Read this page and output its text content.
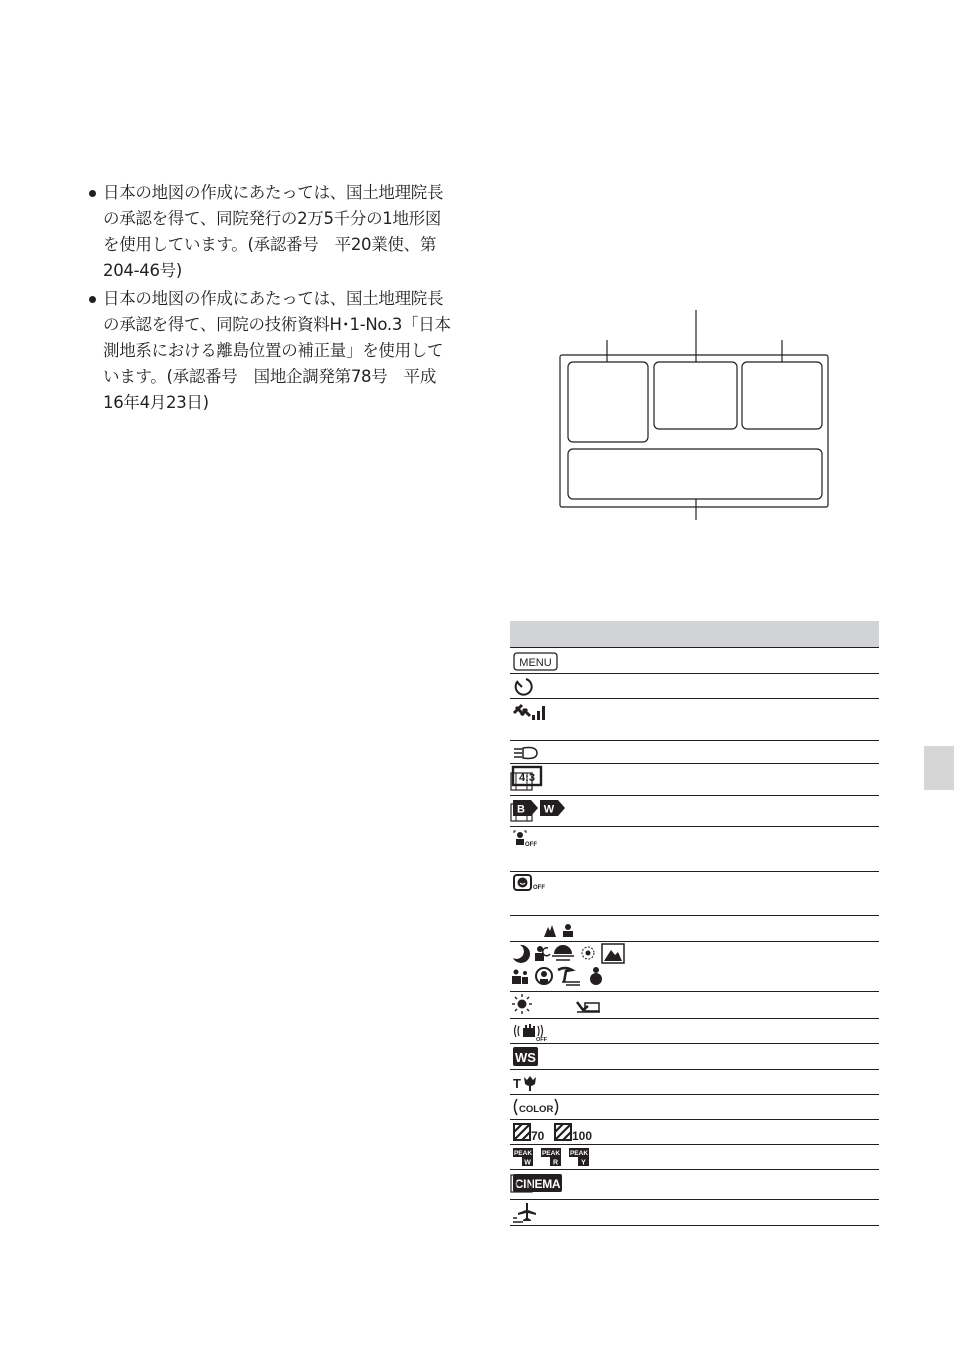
日本の地図の作成にあたっては、国土地理院長
の承認を得て、同院発行の2万5千分の1地形図
を使用しています。(承認番号　平20業使、第
204-46号)
日本の地図の作成にあたっては、国土地理院長
の承認を得て、同院の技術資料H･1-No.3「日本
測地系における離島位置の補正量」を使用して
います。(承認番号　国地企調発第78号　平成
16年4月23日)
MENU
4:3
B W
OFF
OFF
OFF
WS
T
COLOR
70 100
PEAK
W
PEAK
R
PEAK
Y
CINEMA
